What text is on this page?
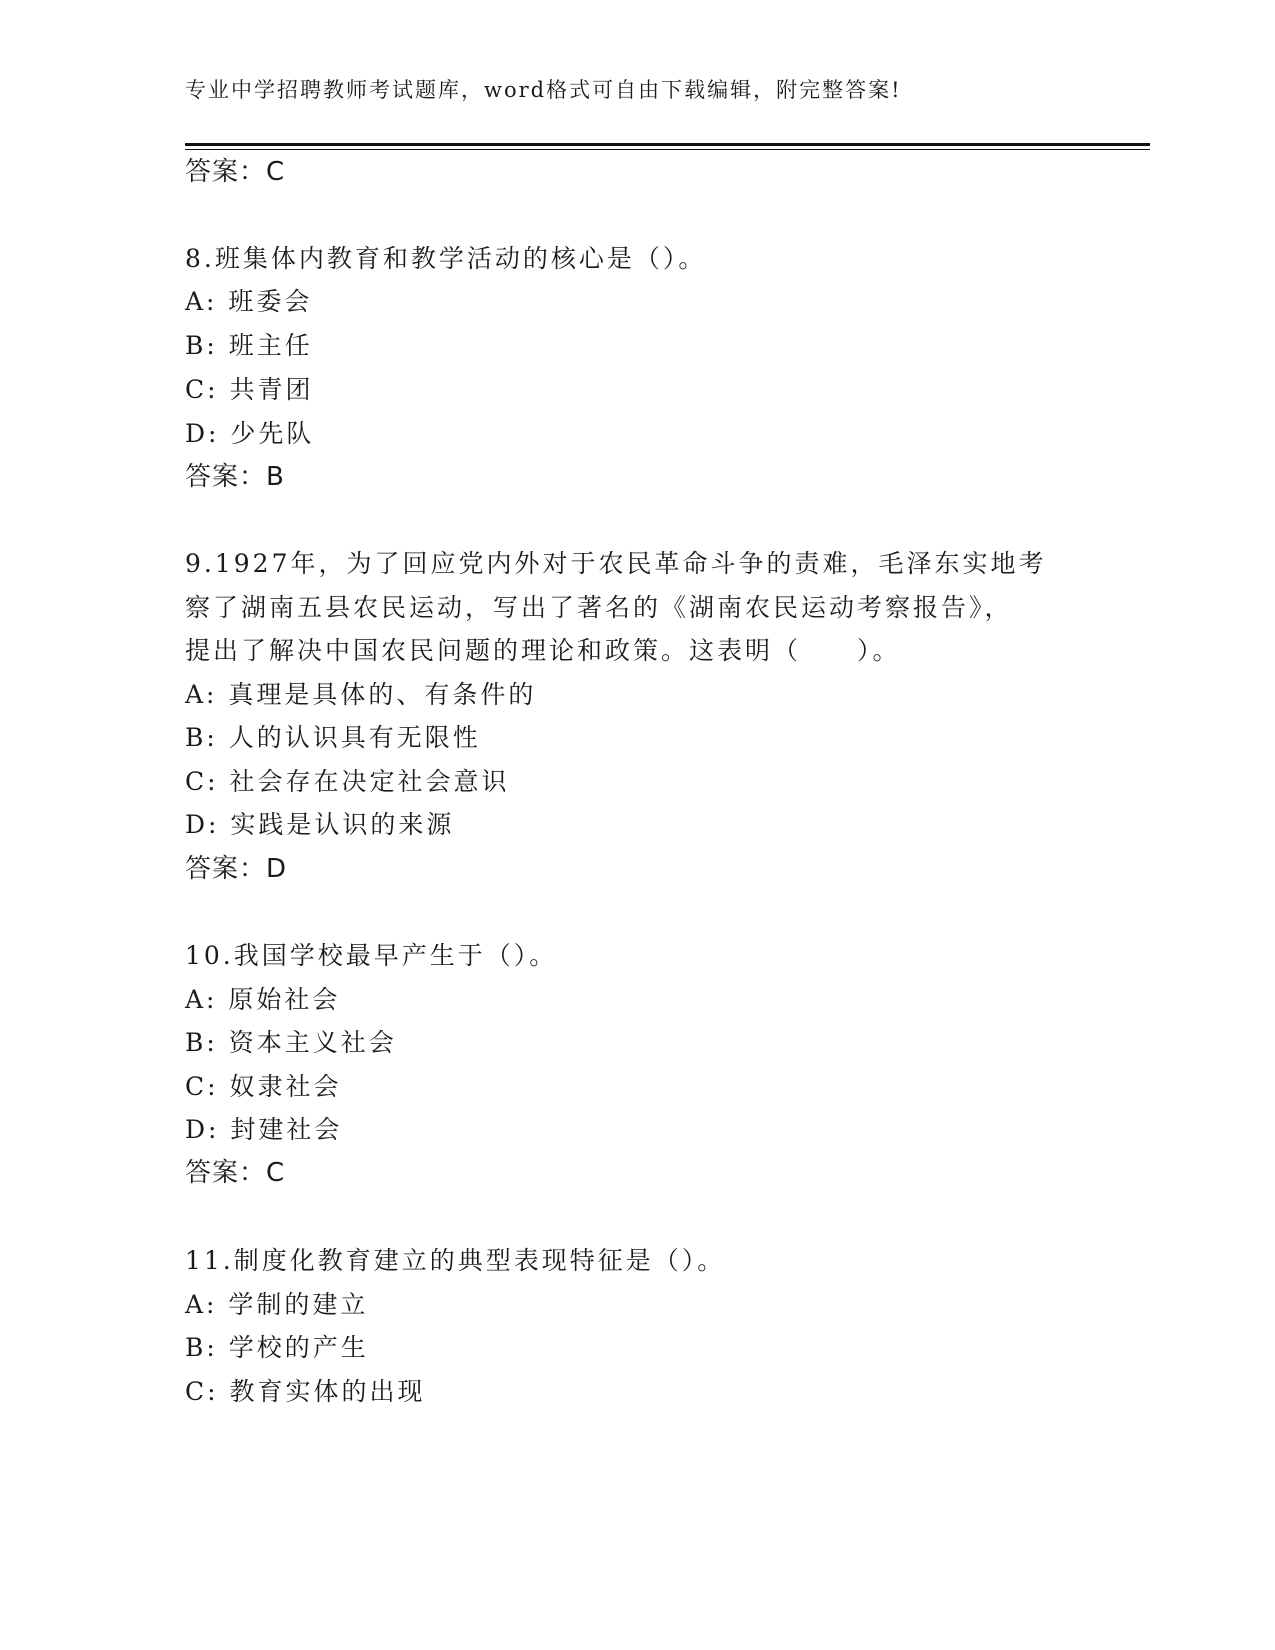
专业中学招聘教师考试题库，word格式可自由下载编辑，附完整答案!
答案：C
8.班集体内教育和教学活动的核心是（）。
A: 班委会
B: 班主任
C: 共青团
D: 少先队
答案：B
9.1927年，为了回应党内外对于农民革命斗争的责难，毛泽东实地考
察了湖南五县农民运动，写出了著名的《湖南农民运动考察报告》，
提出了解决中国农民问题的理论和政策。这表明（　　）。
A: 真理是具体的、有条件的
B: 人的认识具有无限性
C: 社会存在决定社会意识
D: 实践是认识的来源
答案：D
10.我国学校最早产生于（）。
A: 原始社会
B: 资本主义社会
C: 奴隶社会
D: 封建社会
答案：C
11.制度化教育建立的典型表现特征是（）。
A: 学制的建立
B: 学校的产生
C: 教育实体的出现
